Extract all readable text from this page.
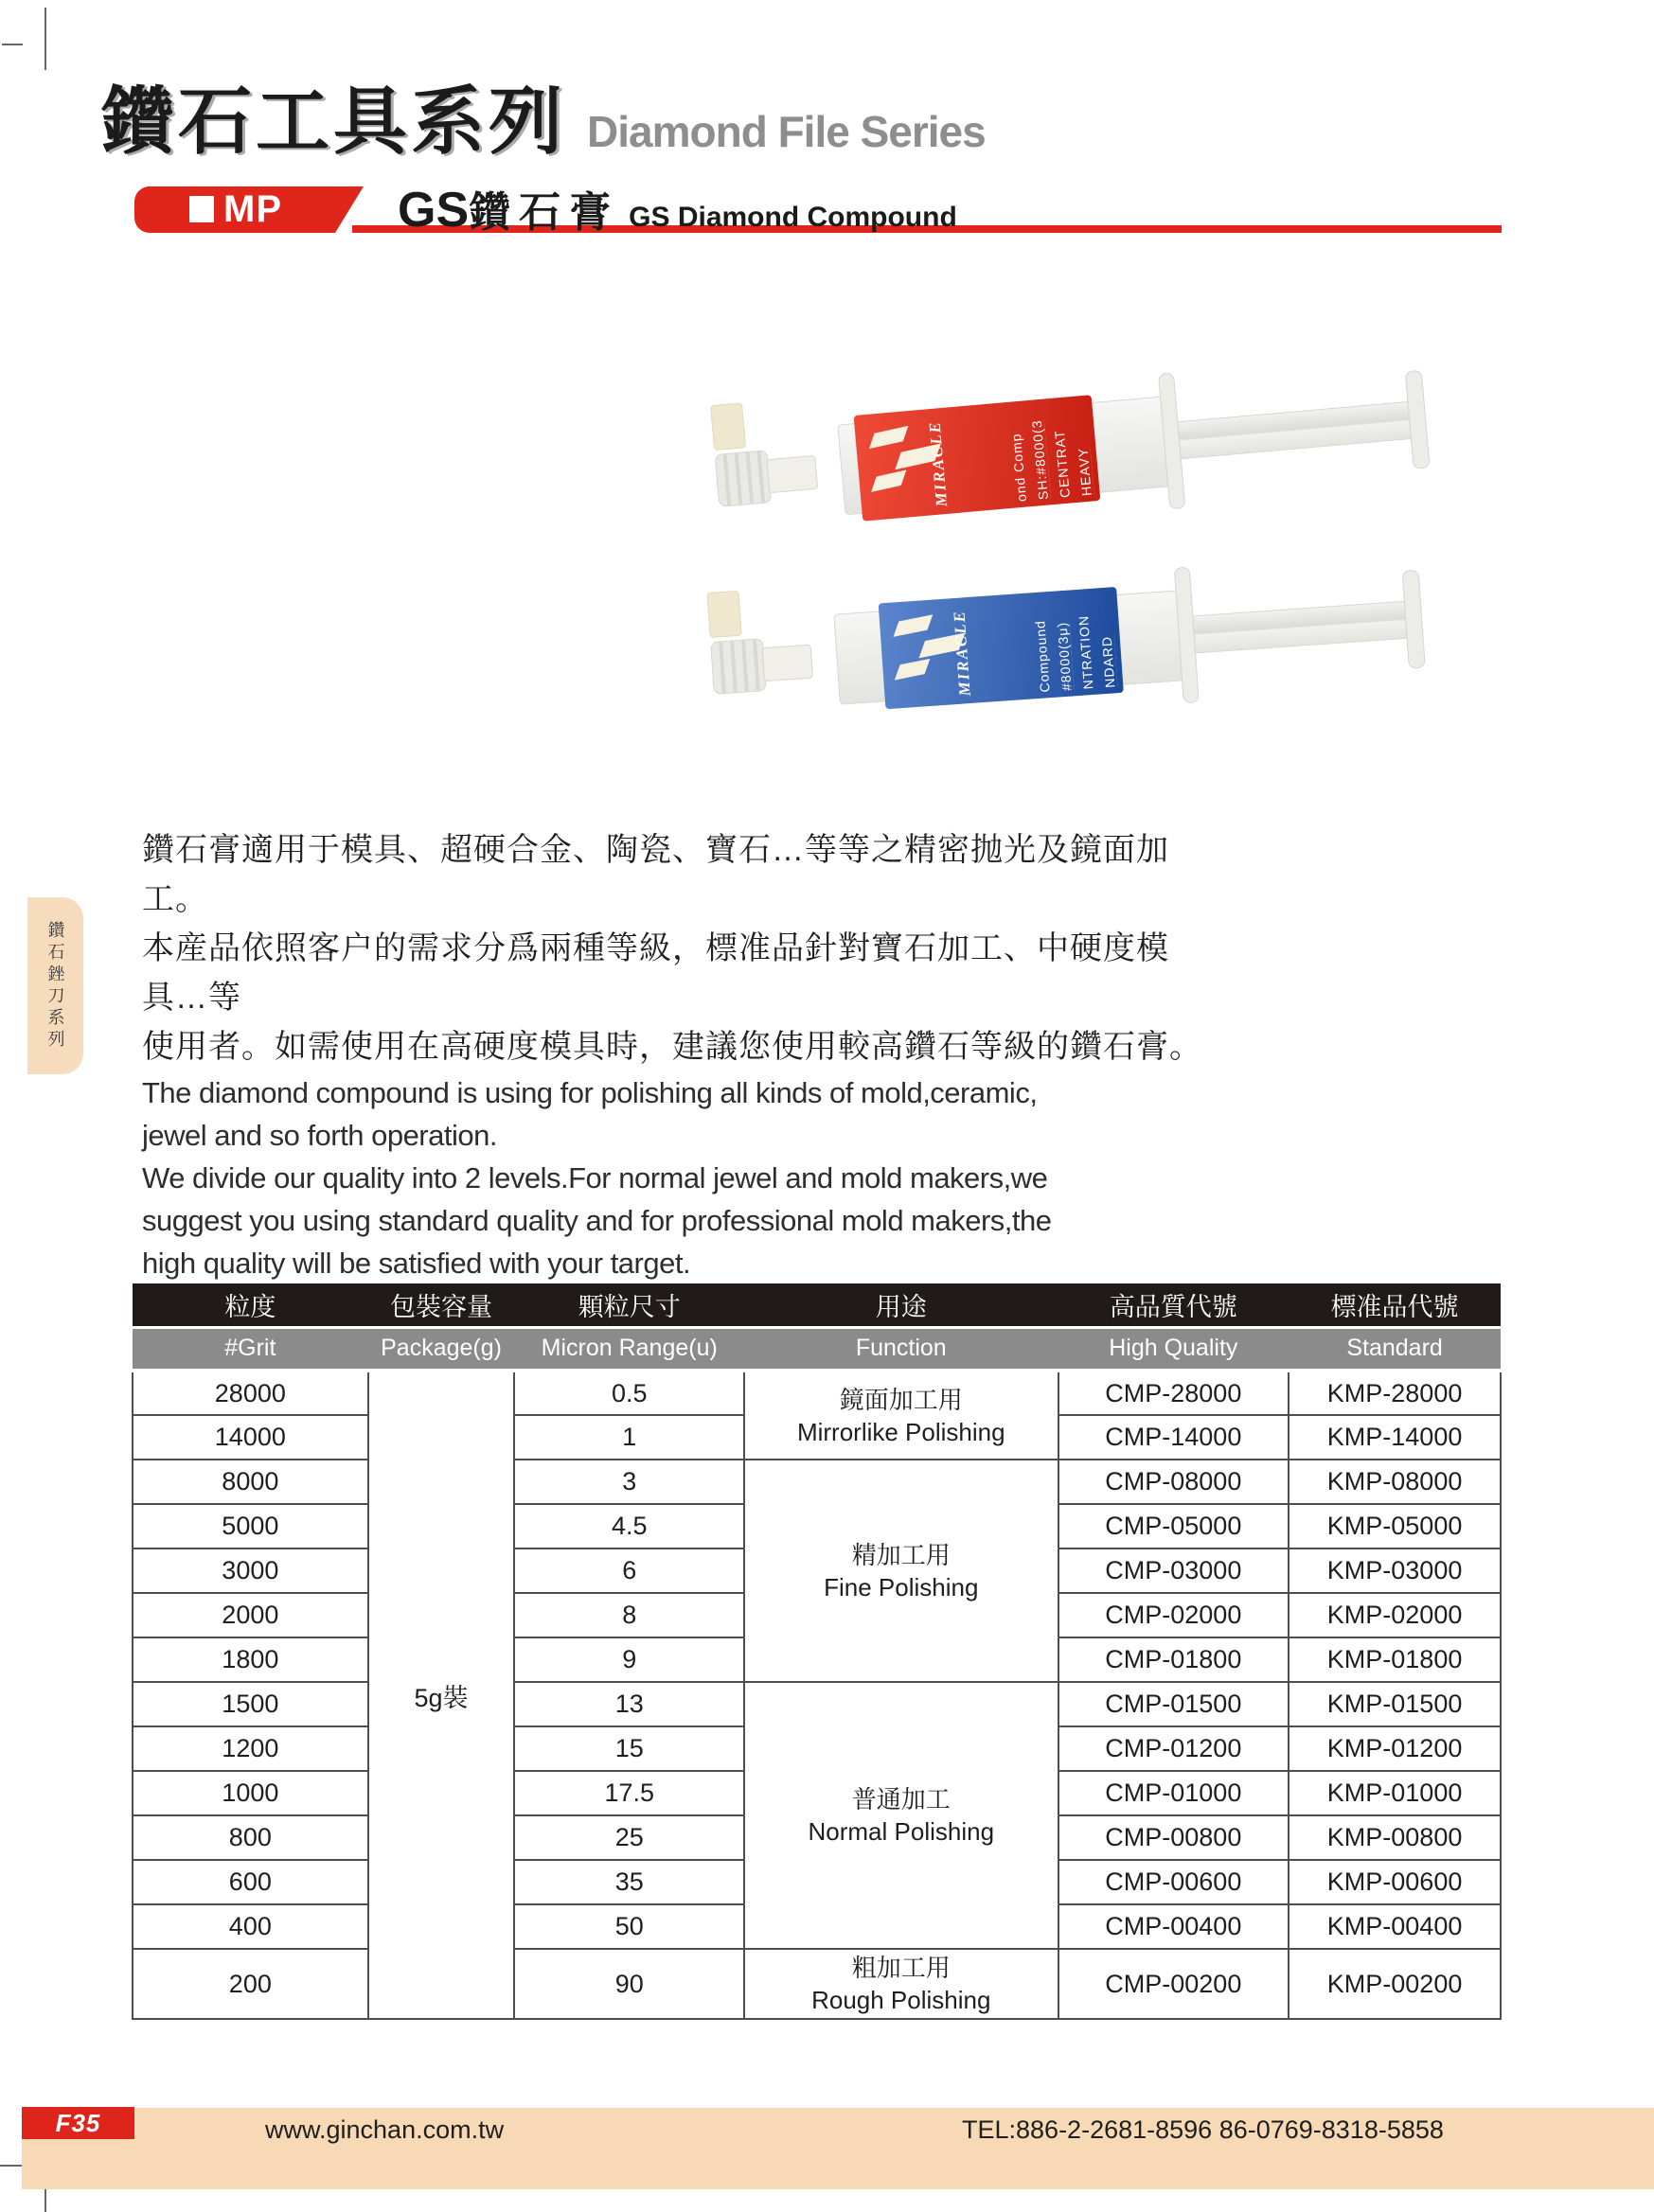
鑽石工具系列 Diamond File Series
MP GS 鑽石膏 GS Diamond Compound
MIRACLE	ond Comp SH:#8000(3 CENTRAT HEAVY
MIRACLE	Compound #8000(3μ) NTRATION NDARD
鑽石銼刀系列
鑽石膏適用于模具、超硬合金、陶瓷、寶石…等等之精密抛光及鏡面加工。
本産品依照客户的需求分爲兩種等級，標准品針對寶石加工、中硬度模具…等
使用者。如需使用在高硬度模具時，建議您使用較高鑽石等級的鑽石膏。
The diamond compound is using for polishing all kinds of mold,ceramic,
jewel and so forth operation.
We divide our quality into 2 levels.For normal jewel and mold makers,we
suggest you using standard quality and for professional mold makers,the
high quality will be satisfied with your target.
粒度	包裝容量	顆粒尺寸	用途	高品質代號	標准品代號
#Grit	Package(g)	Micron Range(u)	Function	High Quality	Standard
28000	5g裝	0.5	鏡面加工用
Mirrorlike Polishing	CMP-28000	KMP-28000
14000		1		CMP-14000	KMP-14000
8000		3	精加工用
Fine Polishing	CMP-08000	KMP-08000
5000		4.5		CMP-05000	KMP-05000
3000		6		CMP-03000	KMP-03000
2000		8		CMP-02000	KMP-02000
1800		9		CMP-01800	KMP-01800
1500		13	普通加工
Normal Polishing	CMP-01500	KMP-01500
1200		15		CMP-01200	KMP-01200
1000		17.5		CMP-01000	KMP-01000
800		25		CMP-00800	KMP-00800
600		35		CMP-00600	KMP-00600
400		50		CMP-00400	KMP-00400
200		90	粗加工用
Rough Polishing	CMP-00200	KMP-00200
F35	www.ginchan.com.tw	TEL:886-2-2681-8596 86-0769-8318-5858
